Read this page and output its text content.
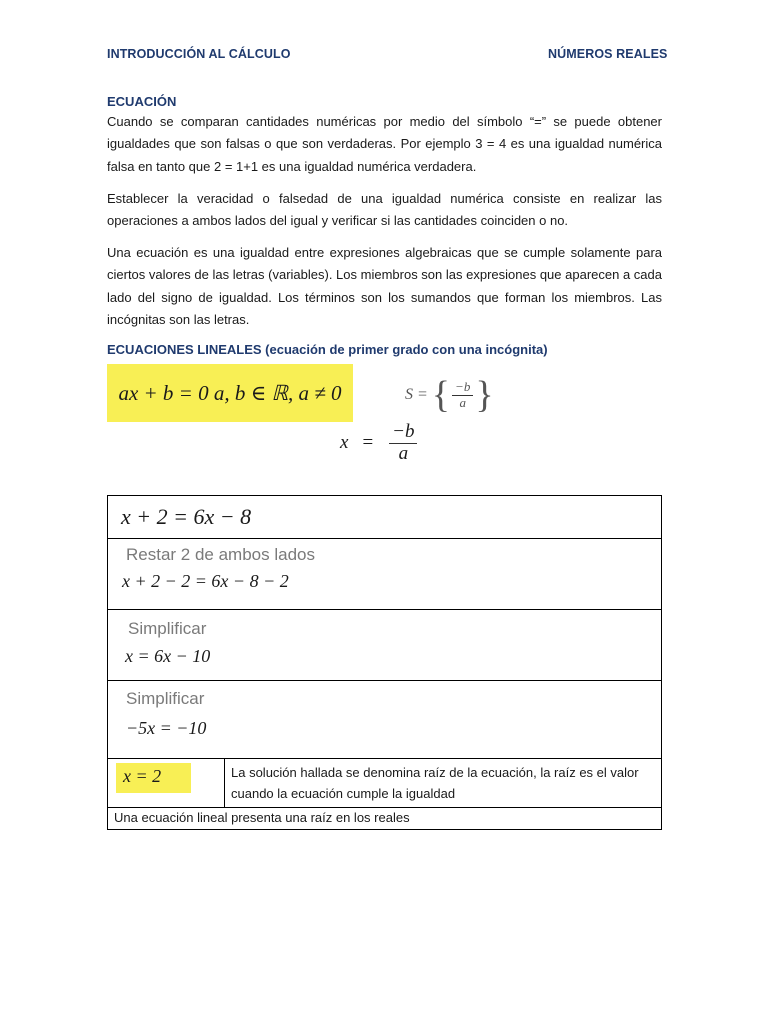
INTRODUCCIÓN AL CÁLCULO	NÚMEROS REALES
ECUACIÓN

Cuando se comparan cantidades numéricas por medio del símbolo “=” se puede obtener igualdades que son falsas o que son verdaderas. Por ejemplo 3 = 4 es una igualdad numérica falsa en tanto que 2 = 1+1 es una igualdad numérica verdadera.

Establecer la veracidad o falsedad de una igualdad numérica consiste en realizar las operaciones a ambos lados del igual y verificar si las cantidades coinciden o no.

Una ecuación es una igualdad entre expresiones algebraicas que se cumple solamente para ciertos valores de las letras (variables). Los miembros son las expresiones que aparecen a cada lado del signo de igualdad. Los términos son los sumandos que forman los miembros. Las incógnitas son las letras.

ECUACIONES LINEALES (ecuación de primer grado con una incógnita)
ax + b = 0 a, b ∈ ℝ, a ≠ 0	S = { $\frac{-b}{a}$ }
$x = \frac{-b}{a}$
x + 2 = 6x − 8

Restar 2 de ambos lados
x + 2 − 2 = 6x − 8 − 2

Simplificar
x = 6x − 10

Simplificar
−5x = −10

x = 2	La solución hallada se denomina raíz de la ecuación, la raíz es el valor cuando la ecuación cumple la igualdad
Una ecuación lineal presenta una raíz en los reales
